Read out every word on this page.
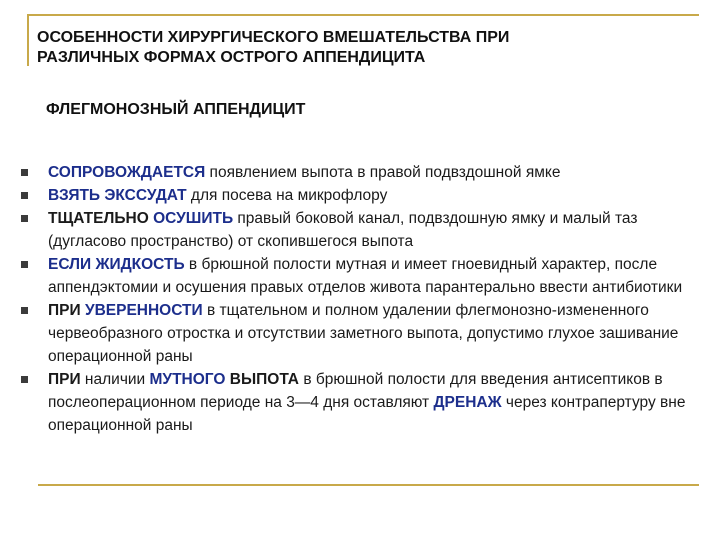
ОСОБЕННОСТИ ХИРУРГИЧЕСКОГО ВМЕШАТЕЛЬСТВА ПРИ
РАЗЛИЧНЫХ ФОРМАХ ОСТРОГО АППЕНДИЦИТА
ФЛЕГМОНОЗНЫЙ АППЕНДИЦИТ
СОПРОВОЖДАЕТСЯ появлением выпота в правой подвздошной ямке
ВЗЯТЬ ЭКССУДАТ для посева на микрофлору
ТЩАТЕЛЬНО ОСУШИТЬ правый боковой канал, подвздошную ямку и малый таз (дугласово пространство) от скопившегося выпота
ЕСЛИ ЖИДКОСТЬ в брюшной полости мутная и имеет гноевидный характер, после аппендэктомии и осушения правых отделов живота парантерально ввести антибиотики
ПРИ УВЕРЕННОСТИ в тщательном и полном удалении флегмонозно-измененного червеобразного отростка и отсутствии заметного выпота, допустимо глухое зашивание операционной раны
ПРИ наличии МУТНОГО ВЫПОТА в брюшной полости для введения антисептиков в послеоперационном периоде на 3—4 дня оставляют ДРЕНАЖ через контрапертуру вне операционной раны
